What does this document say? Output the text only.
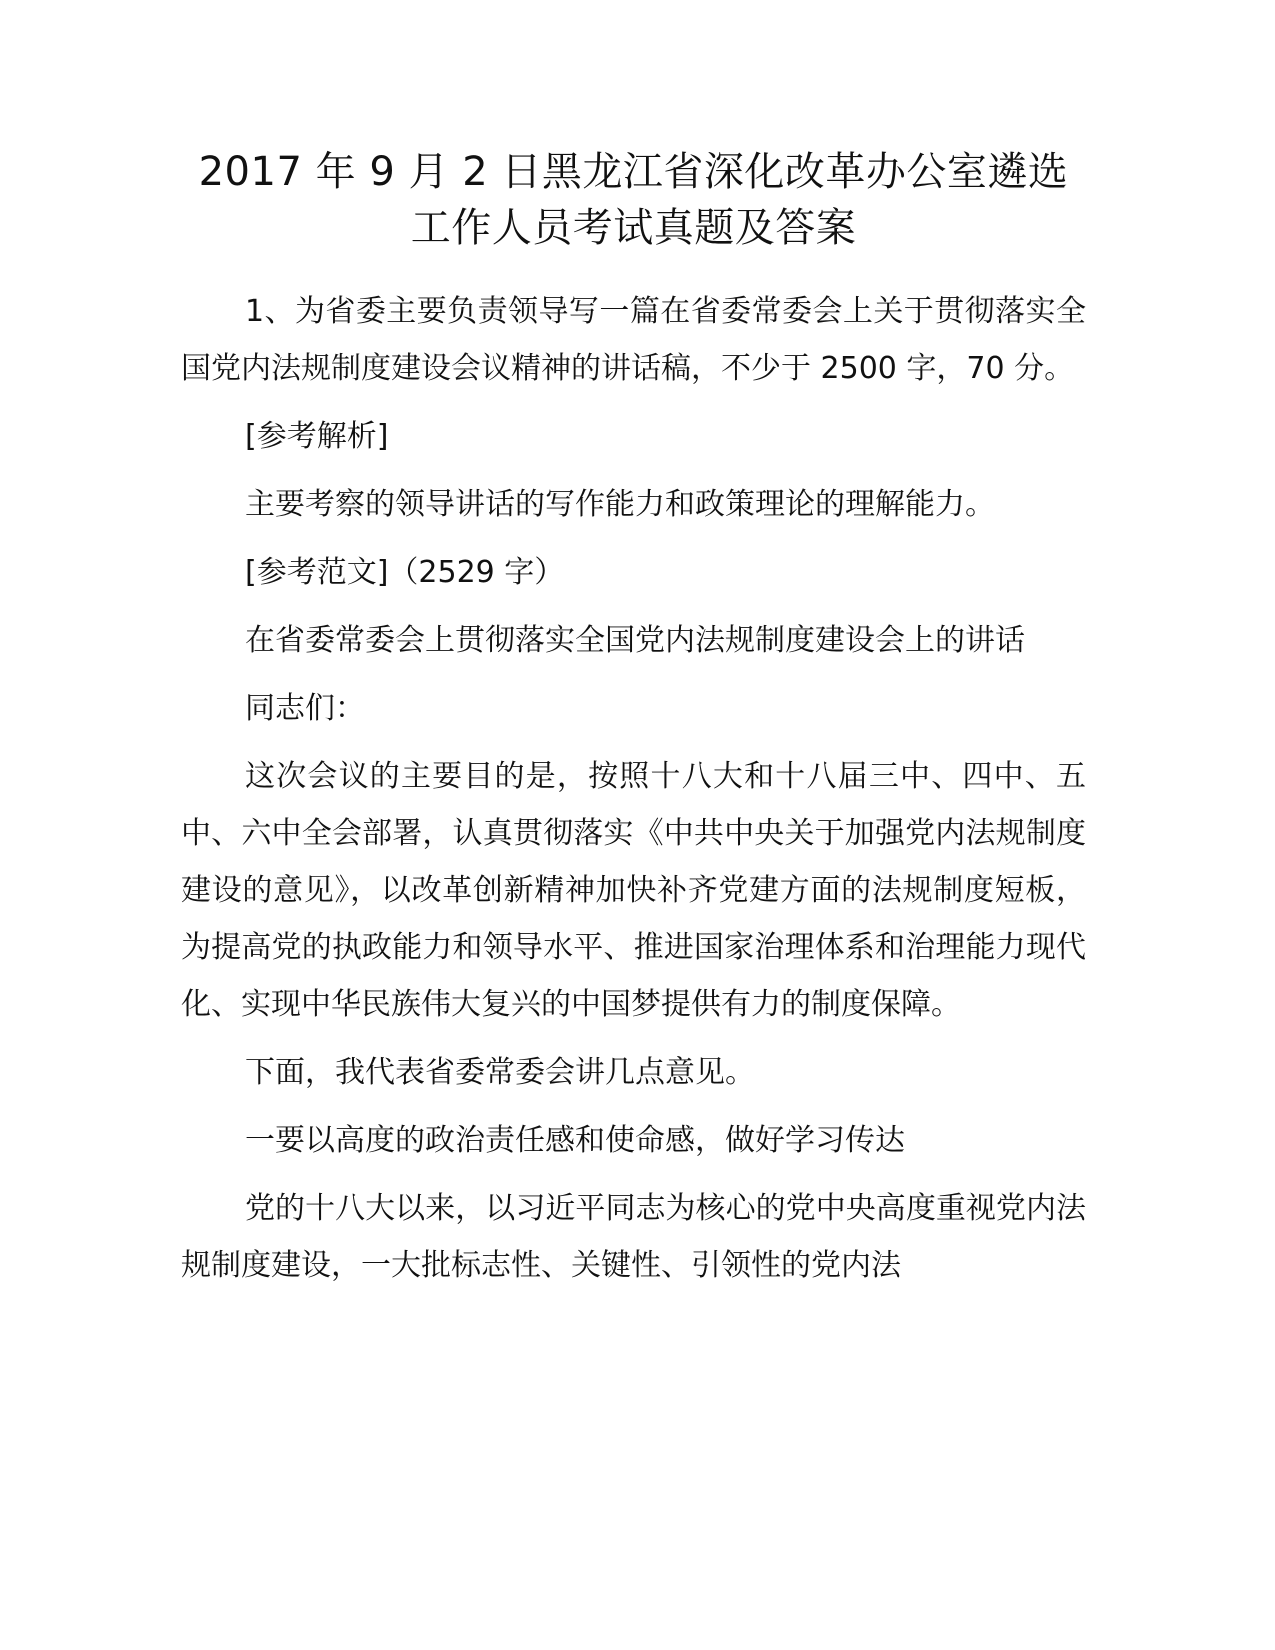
2017 年 9 月 2 日黑龙江省深化改革办公室遴选
工作人员考试真题及答案

1、为省委主要负责领导写一篇在省委常委会上关于贯彻落实全国党内法规制度建设会议精神的讲话稿，不少于 2500 字，70 分。

[参考解析]

主要考察的领导讲话的写作能力和政策理论的理解能力。

[参考范文]（2529 字）

在省委常委会上贯彻落实全国党内法规制度建设会上的讲话

同志们：

这次会议的主要目的是，按照十八大和十八届三中、四中、五中、六中全会部署，认真贯彻落实《中共中央关于加强党内法规制度建设的意见》，以改革创新精神加快补齐党建方面的法规制度短板，为提高党的执政能力和领导水平、推进国家治理体系和治理能力现代化、实现中华民族伟大复兴的中国梦提供有力的制度保障。

下面，我代表省委常委会讲几点意见。

一要以高度的政治责任感和使命感，做好学习传达

党的十八大以来，以习近平同志为核心的党中央高度重视党内法规制度建设，一大批标志性、关键性、引领性的党内法
